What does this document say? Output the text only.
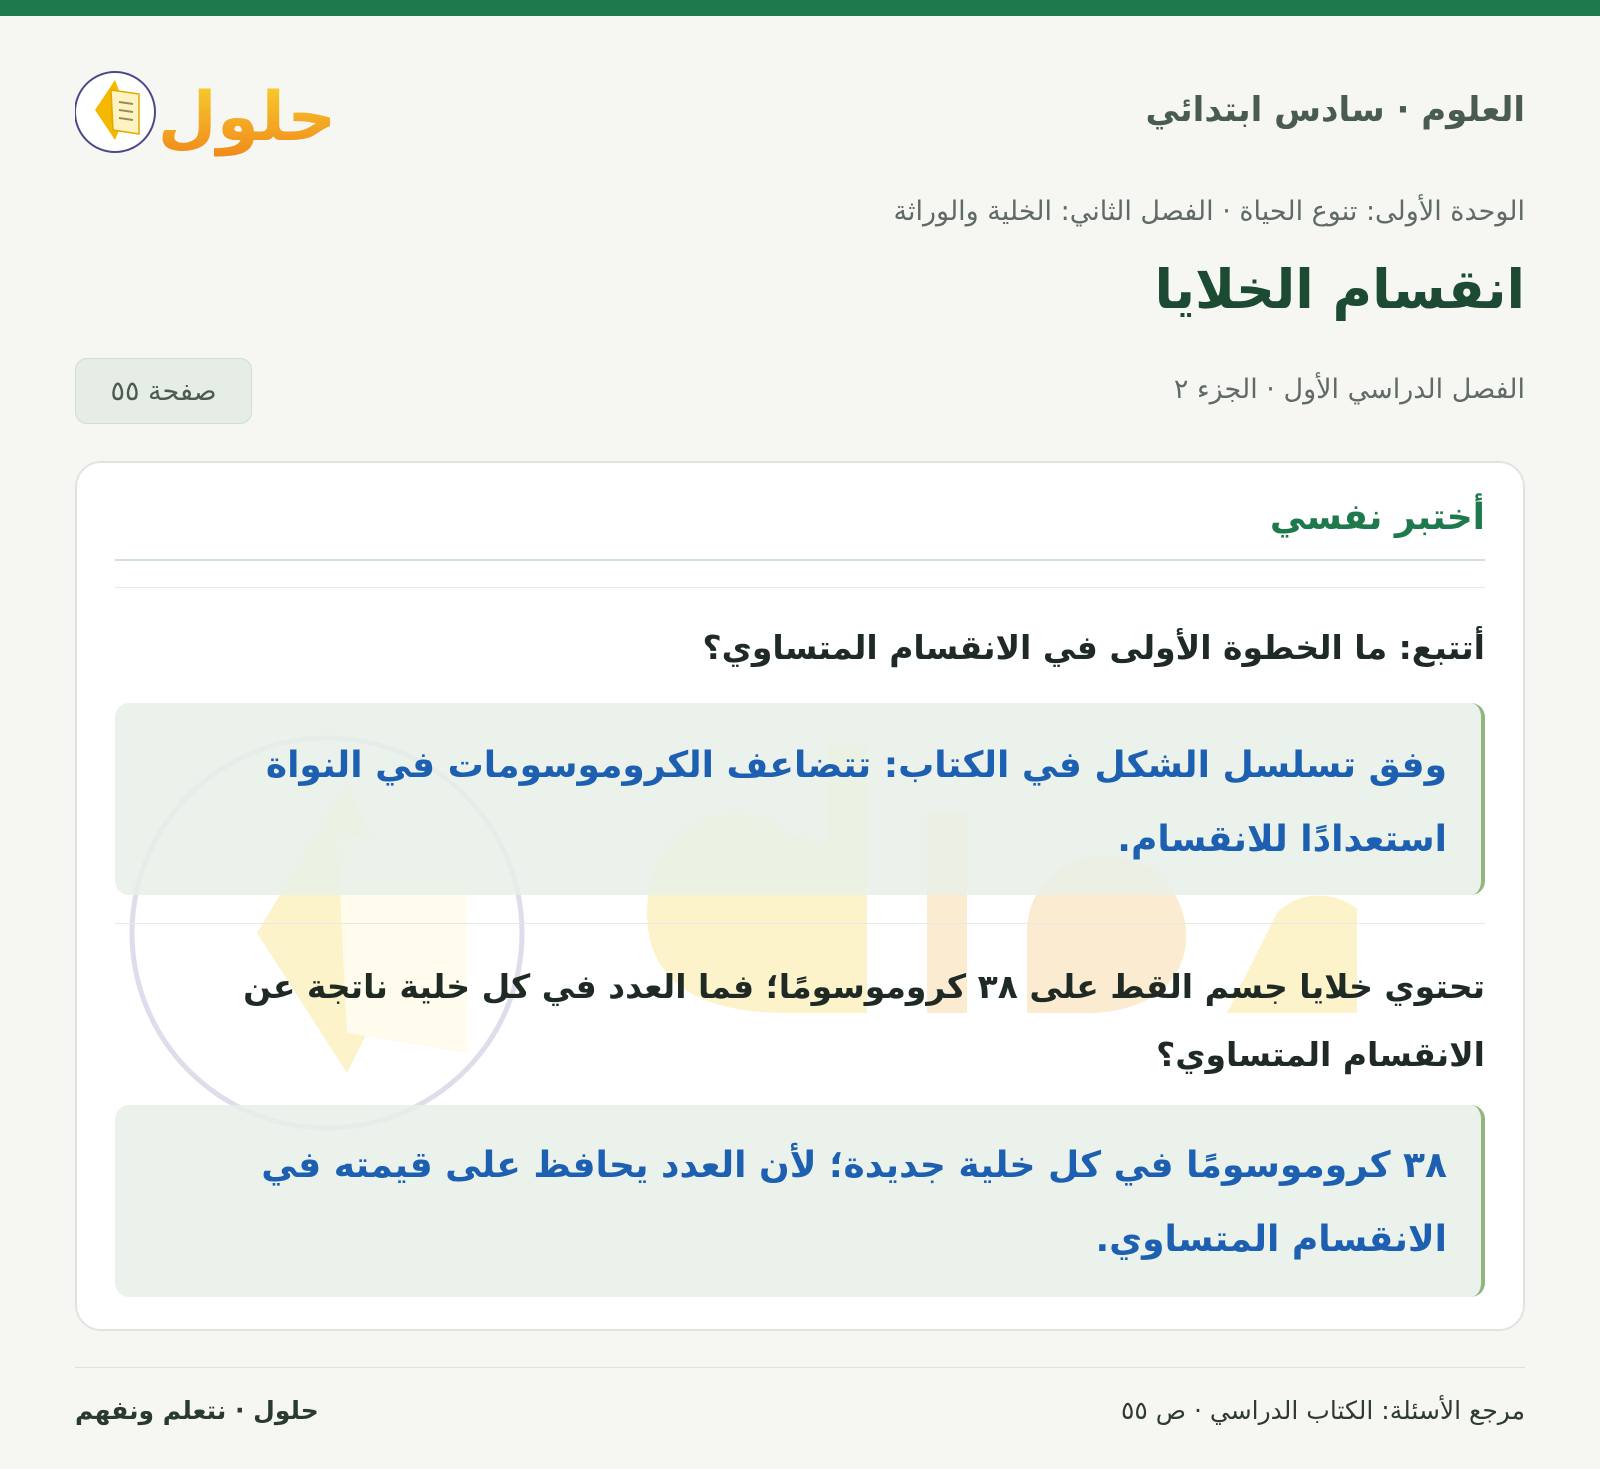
العلوم · سادس ابتدائي
حلول
الوحدة الأولى: تنوع الحياة · الفصل الثاني: الخلية والوراثة
انقسام الخلايا
الفصل الدراسي الأول · الجزء ٢
صفحة ٥٥
أختبر نفسي

أتتبع: ما الخطوة الأولى في الانقسام المتساوي؟

وفق تسلسل الشكل في الكتاب: تتضاعف الكروموسومات في النواة استعدادًا للانقسام.

تحتوي خلايا جسم القط على ٣٨ كروموسومًا؛ فما العدد في كل خلية ناتجة عن الانقسام المتساوي؟

٣٨ كروموسومًا في كل خلية جديدة؛ لأن العدد يحافظ على قيمته في الانقسام المتساوي.
مرجع الأسئلة: الكتاب الدراسي · ص ٥٥
حلول · نتعلم ونفهم
